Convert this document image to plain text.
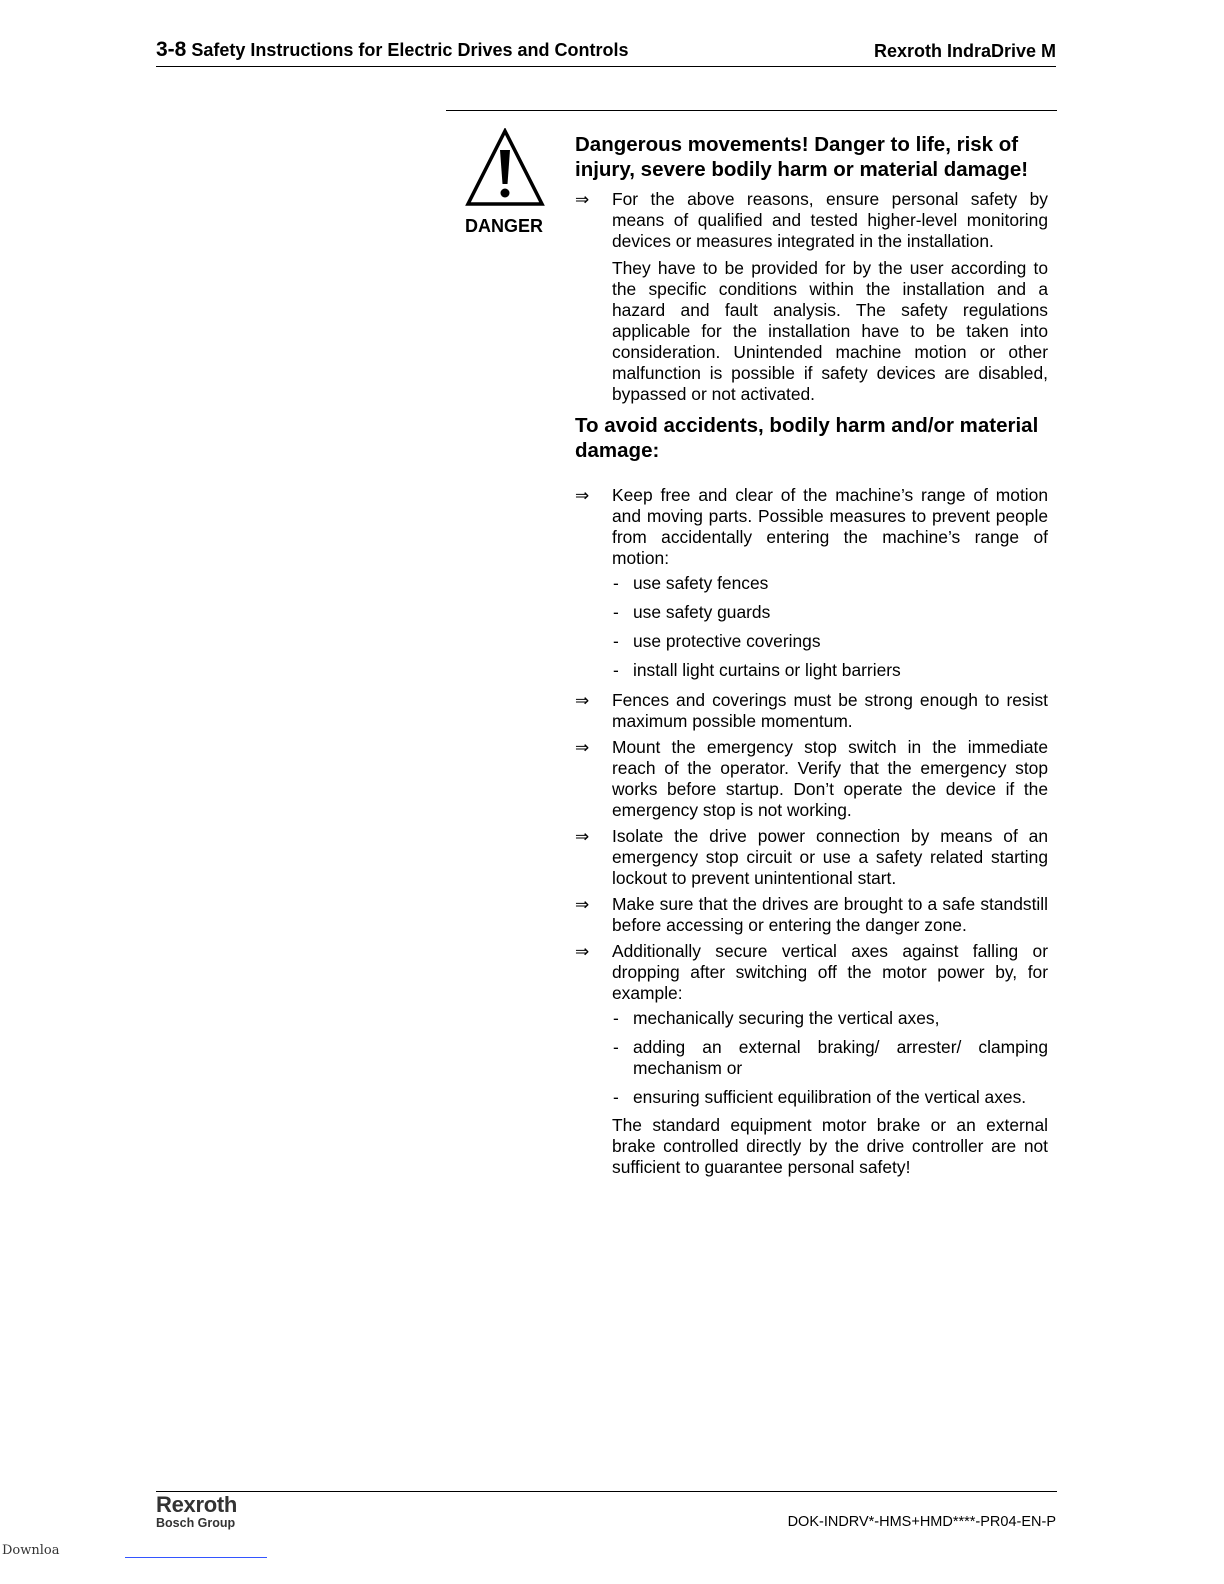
3-8 Safety Instructions for Electric Drives and Controls	Rexroth IndraDrive M
DANGER
Dangerous movements! Danger to life, risk of injury, severe bodily harm or material damage!
⇒ For the above reasons, ensure personal safety by means of qualified and tested higher-level monitoring devices or measures integrated in the installation.
They have to be provided for by the user according to the specific conditions within the installation and a hazard and fault analysis. The safety regulations applicable for the installation have to be taken into consideration. Unintended machine motion or other malfunction is possible if safety devices are disabled, bypassed or not activated.
To avoid accidents, bodily harm and/or material damage:
⇒ Keep free and clear of the machine’s range of motion and moving parts. Possible measures to prevent people from accidentally entering the machine’s range of motion:
- use safety fences
- use safety guards
- use protective coverings
- install light curtains or light barriers
⇒ Fences and coverings must be strong enough to resist maximum possible momentum.
⇒ Mount the emergency stop switch in the immediate reach of the operator. Verify that the emergency stop works before startup. Don’t operate the device if the emergency stop is not working.
⇒ Isolate the drive power connection by means of an emergency stop circuit or use a safety related starting lockout to prevent unintentional start.
⇒ Make sure that the drives are brought to a safe standstill before accessing or entering the danger zone.
⇒ Additionally secure vertical axes against falling or dropping after switching off the motor power by, for example:
- mechanically securing the vertical axes,
- adding an external braking/ arrester/ clamping mechanism or
- ensuring sufficient equilibration of the vertical axes.
The standard equipment motor brake or an external brake controlled directly by the drive controller are not sufficient to guarantee personal safety!
Rexroth
Bosch Group	DOK-INDRV*-HMS+HMD****-PR04-EN-P
Downloa
